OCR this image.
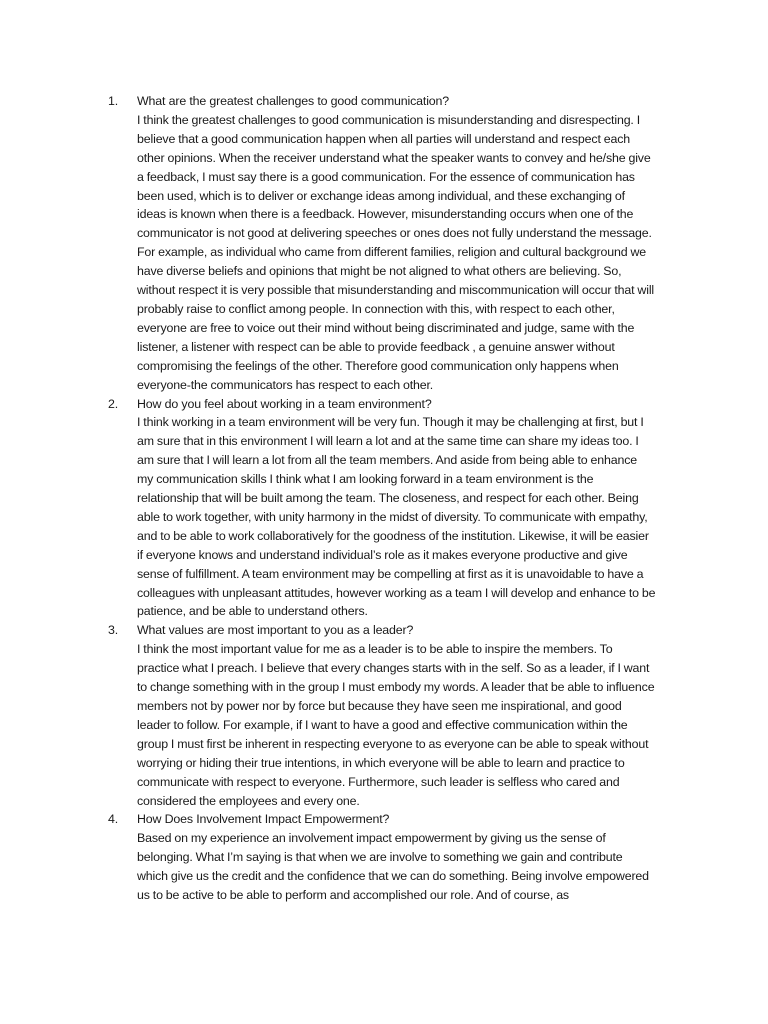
1. What are the greatest challenges to good communication?
I think the greatest challenges to good communication is misunderstanding and disrespecting. I believe that a good communication happen when all parties will understand and respect each other opinions. When the receiver understand what the speaker wants to convey and he/she give a feedback, I must say there is a good communication. For the essence of communication has been used, which is to deliver or exchange ideas among individual, and these exchanging of ideas is known when there is a feedback. However, misunderstanding occurs when one of the communicator is not good at delivering speeches or ones does not fully understand the message. For example, as individual who came from different families, religion and cultural background we have diverse beliefs and opinions that might be not aligned to what others are believing. So, without respect it is very possible that misunderstanding and miscommunication will occur that will probably raise to conflict among people. In connection with this, with respect to each other, everyone are free to voice out their mind without being discriminated and judge, same with the listener, a listener with respect can be able to provide feedback , a genuine answer without compromising the feelings of the other. Therefore good communication only happens when everyone-the communicators has respect to each other.
2. How do you feel about working in a team environment?
I think working in a team environment will be very fun. Though it may be challenging at first, but I am sure that in this environment I will learn a lot and at the same time can share my ideas too. I am sure that I will learn a lot from all the team members. And aside from being able to enhance my communication skills I think what I am looking forward in a team environment is the relationship that will be built among the team. The closeness, and respect for each other. Being able to work together, with unity harmony in the midst of diversity. To communicate with empathy, and to be able to work collaboratively for the goodness of the institution. Likewise, it will be easier if everyone knows and understand individual’s role as it makes everyone productive and give sense of fulfillment. A team environment may be compelling at first as it is unavoidable to have a colleagues with unpleasant attitudes, however working as a team I will develop and enhance to be patience, and be able to understand others.
3. What values are most important to you as a leader?
I think the most important value for me as a leader is to be able to inspire the members. To practice what I preach. I believe that every changes starts with in the self. So as a leader, if I want to change something with in the group I must embody my words. A leader that be able to influence members not by power nor by force but because they have seen me inspirational, and good leader to follow. For example, if I want to have a good and effective communication within the group I must first be inherent in respecting everyone to as everyone can be able to speak without worrying or hiding their true intentions, in which everyone will be able to learn and practice to communicate with respect to everyone. Furthermore, such leader is selfless who cared and considered the employees and every one.
4. How Does Involvement Impact Empowerment?
Based on my experience an involvement impact empowerment by giving us the sense of belonging. What I’m saying is that when we are involve to something we gain and contribute which give us the credit and the confidence that we can do something. Being involve empowered us to be active to be able to perform and accomplished our role. And of course, as
